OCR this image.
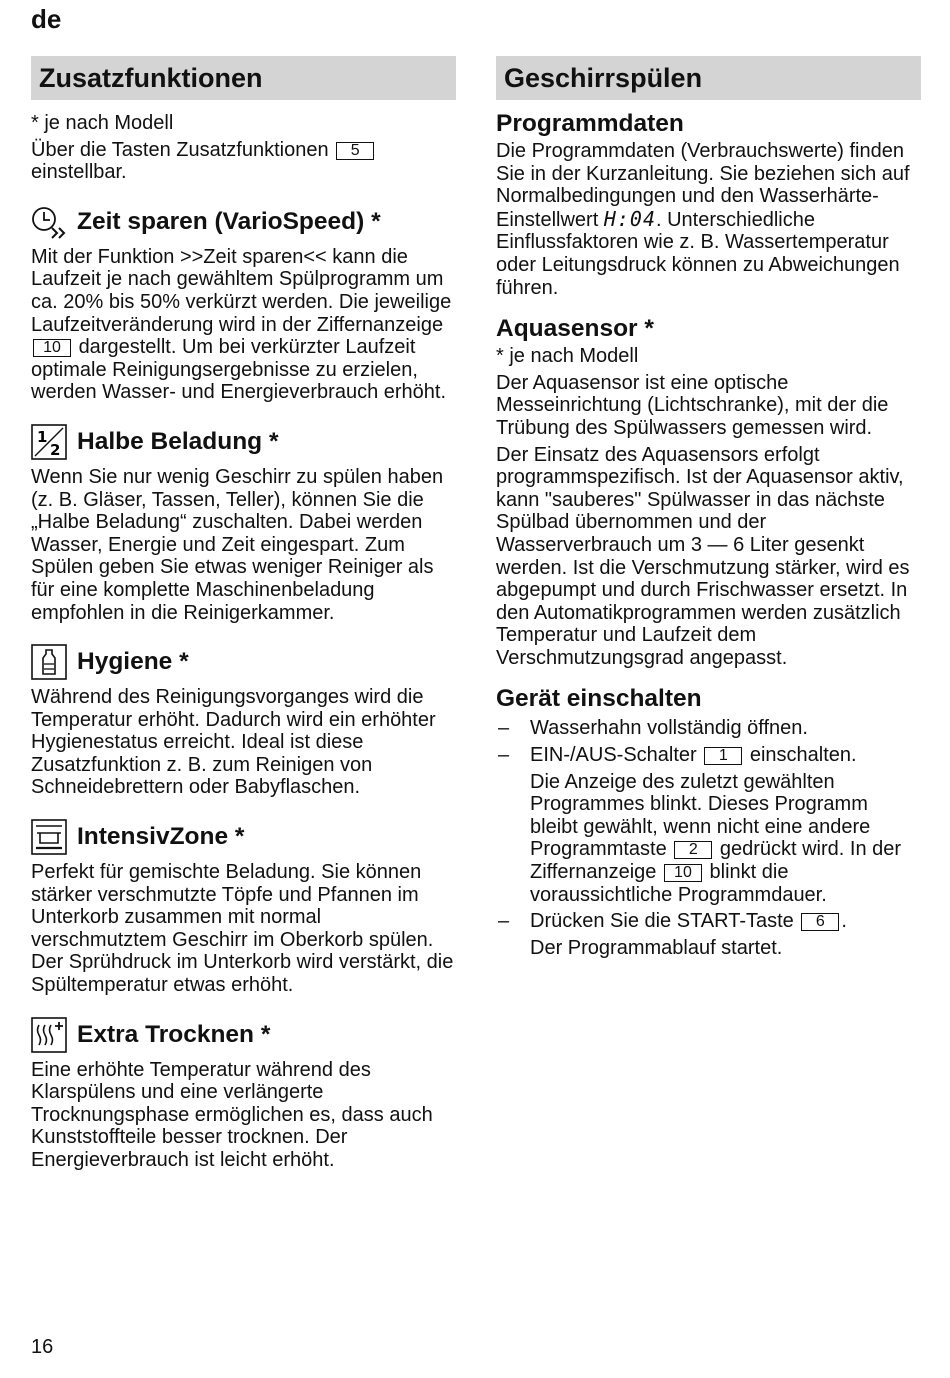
de
Zusatzfunktionen

* je nach Modell

Über die Tasten Zusatzfunktionen 5 einstellbar.

Zeit sparen (VarioSpeed) *

Mit der Funktion >>Zeit sparen<< kann die Laufzeit je nach gewähltem Spülprogramm um ca. 20% bis 50% verkürzt werden. Die jeweilige Laufzeitveränderung wird in der Ziffernanzeige 10 dargestellt. Um bei verkürzter Laufzeit optimale Reinigungsergebnisse zu erzielen, werden Wasser- und Energieverbrauch erhöht.

1
2 Halbe Beladung *

Wenn Sie nur wenig Geschirr zu spülen haben (z. B. Gläser, Tassen, Teller), können Sie die „Halbe Beladung“ zuschalten. Dabei werden Wasser, Energie und Zeit eingespart. Zum Spülen geben Sie etwas weniger Reiniger als für eine komplette Maschinenbeladung empfohlen in die Reinigerkammer.

Hygiene *

Während des Reinigungsvorganges wird die Temperatur erhöht. Dadurch wird ein erhöhter Hygienestatus erreicht. Ideal ist diese Zusatzfunktion z. B. zum Reinigen von Schneidebrettern oder Babyflaschen.

IntensivZone *

Perfekt für gemischte Beladung. Sie können stärker verschmutzte Töpfe und Pfannen im Unterkorb zusammen mit normal verschmutztem Geschirr im Oberkorb spülen. Der Sprühdruck im Unterkorb wird verstärkt, die Spültemperatur etwas erhöht.

Extra Trocknen *

Eine erhöhte Temperatur während des Klarspülens und eine verlängerte Trocknungsphase ermöglichen es, dass auch Kunststoffteile besser trocknen. Der Energieverbrauch ist leicht erhöht.

Geschirrspülen
Programmdaten

Die Programmdaten (Verbrauchswerte) finden Sie in der Kurzanleitung. Sie beziehen sich auf Normalbedingungen und den Wasserhärte-Einstellwert H:04. Unterschiedliche Einflussfaktoren wie z. B. Wassertemperatur oder Leitungsdruck können zu Abweichungen führen.

Aquasensor *

* je nach Modell

Der Aquasensor ist eine optische Messeinrichtung (Lichtschranke), mit der die Trübung des Spülwassers gemessen wird.

Der Einsatz des Aquasensors erfolgt programmspezifisch. Ist der Aquasensor aktiv, kann "sauberes" Spülwasser in das nächste Spülbad übernommen und der Wasserverbrauch um 3 — 6 Liter gesenkt werden. Ist die Verschmutzung stärker, wird es abgepumpt und durch Frischwasser ersetzt. In den Automatikprogrammen werden zusätzlich Temperatur und Laufzeit dem Verschmutzungsgrad angepasst.

Gerät einschalten
– Wasserhahn vollständig öffnen.
– EIN-/AUS-Schalter 1 einschalten.
Die Anzeige des zuletzt gewählten Programmes blinkt. Dieses Programm bleibt gewählt, wenn nicht eine andere Programmtaste 2 gedrückt wird. In der Ziffernanzeige 10 blinkt die voraussichtliche Programmdauer.
– Drücken Sie die START-Taste 6 .
Der Programmablauf startet.
16
